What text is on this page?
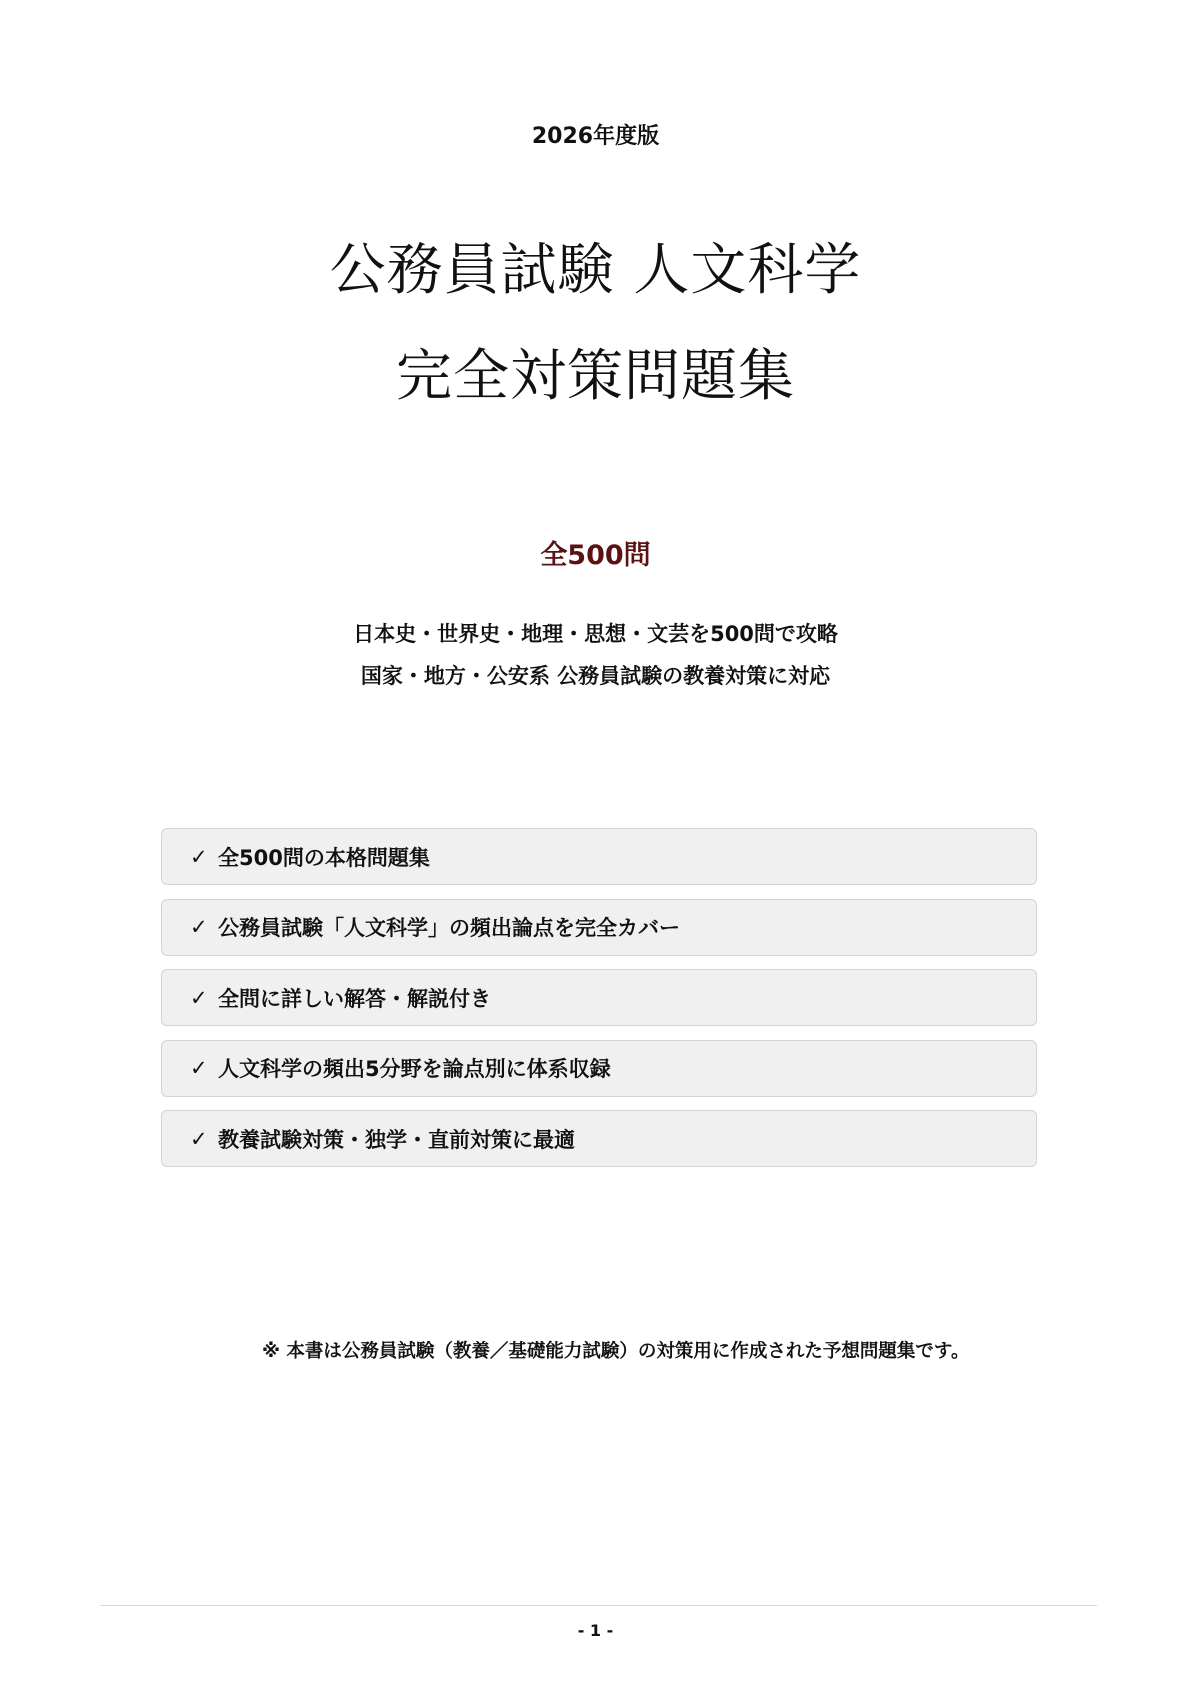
2026年度版
公務員試験 人文科学
完全対策問題集
全500問
日本史・世界史・地理・思想・文芸を500問で攻略
国家・地方・公安系 公務員試験の教養対策に対応
✓ 全500問の本格問題集
✓ 公務員試験「人文科学」の頻出論点を完全カバー
✓ 全問に詳しい解答・解説付き
✓ 人文科学の頻出5分野を論点別に体系収録
✓ 教養試験対策・独学・直前対策に最適
※ 本書は公務員試験（教養／基礎能力試験）の対策用に作成された予想問題集です。
- 1 -
